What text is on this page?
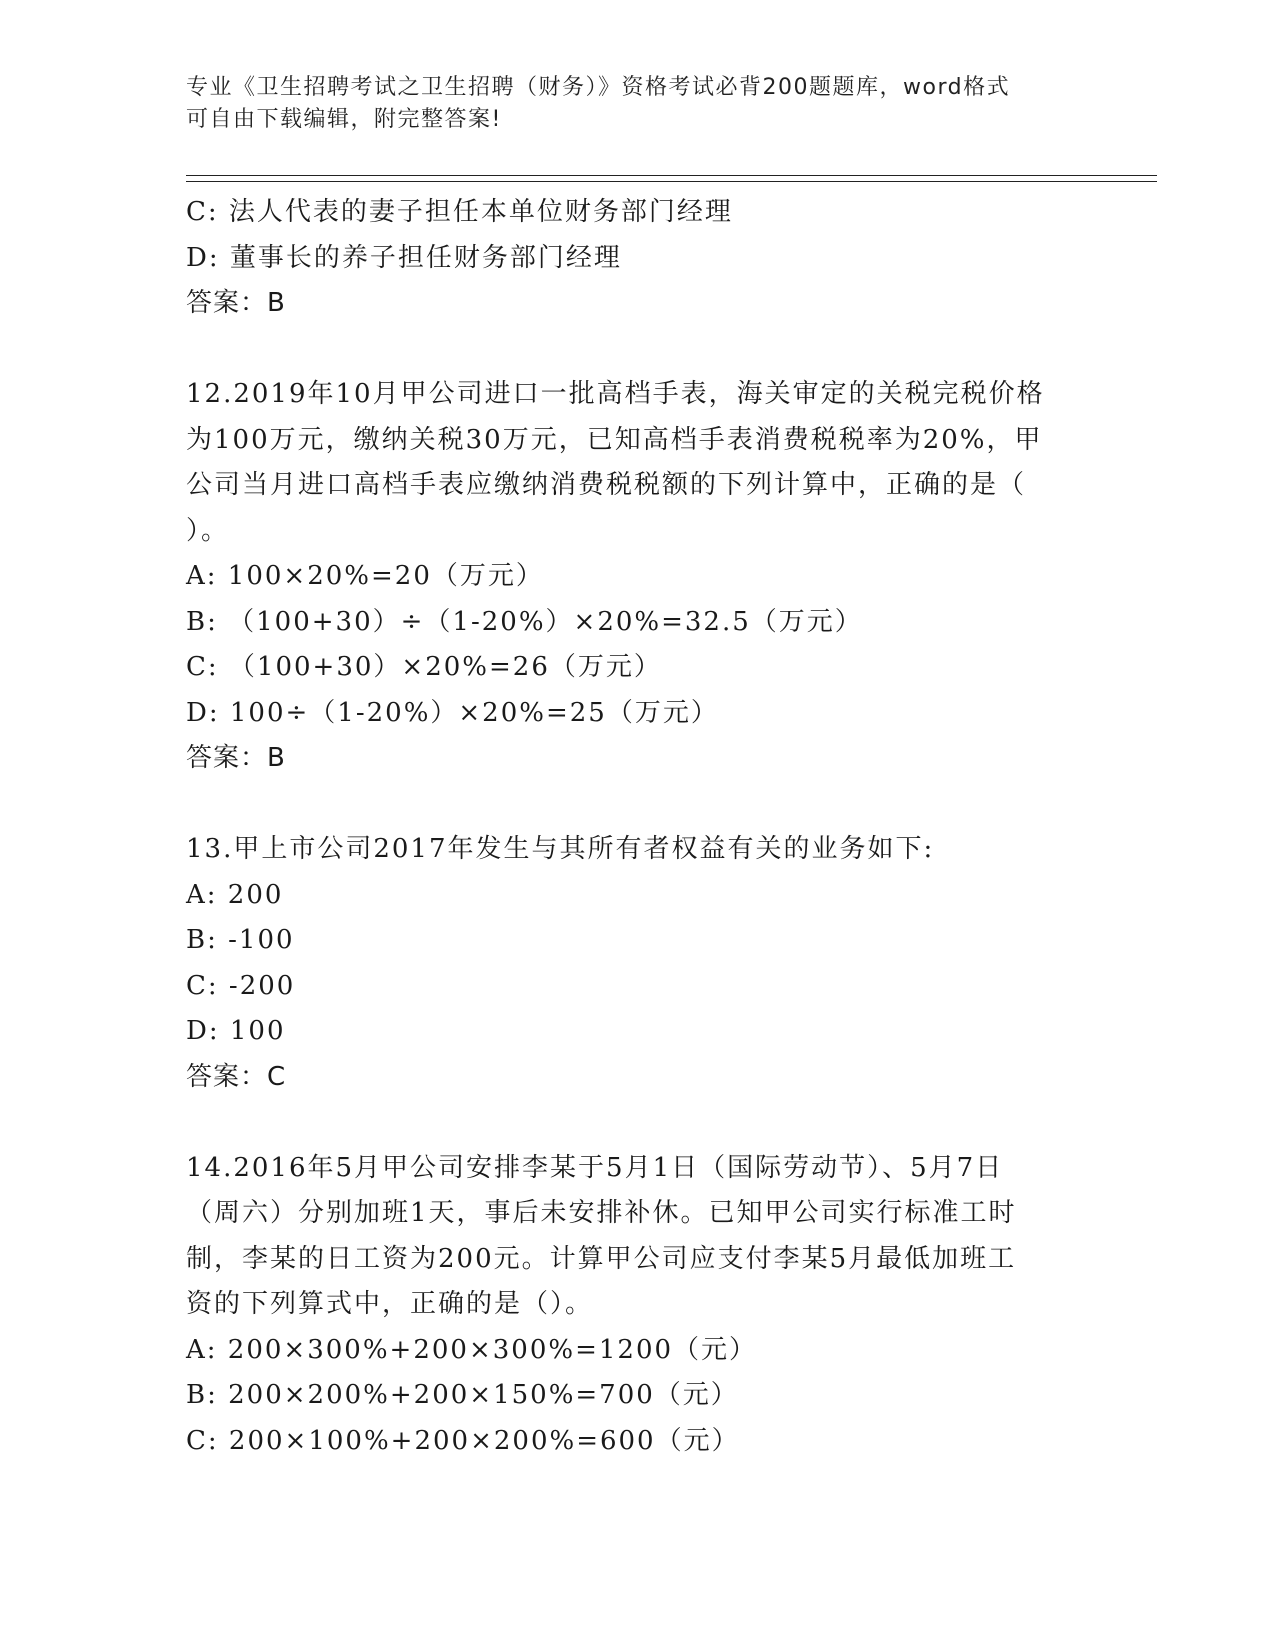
专业《卫生招聘考试之卫生招聘（财务）》资格考试必背200题题库，word格式
可自由下载编辑，附完整答案!
C: 法人代表的妻子担任本单位财务部门经理
D: 董事长的养子担任财务部门经理
答案：B
12.2019年10月甲公司进口一批高档手表，海关审定的关税完税价格
为100万元，缴纳关税30万元，已知高档手表消费税税率为20%，甲
公司当月进口高档手表应缴纳消费税税额的下列计算中，正确的是（
）。
A: 100×20%=20（万元）
B: （100+30）÷（1-20%）×20%=32.5（万元）
C: （100+30）×20%=26（万元）
D: 100÷（1-20%）×20%=25（万元）
答案：B
13.甲上市公司2017年发生与其所有者权益有关的业务如下:
A: 200
B: -100
C: -200
D: 100
答案：C
14.2016年5月甲公司安排李某于5月1日（国际劳动节）、5月7日
（周六）分别加班1天，事后未安排补休。已知甲公司实行标准工时
制，李某的日工资为200元。计算甲公司应支付李某5月最低加班工
资的下列算式中，正确的是（）。
A: 200×300%+200×300%=1200（元）
B: 200×200%+200×150%=700（元）
C: 200×100%+200×200%=600（元）
